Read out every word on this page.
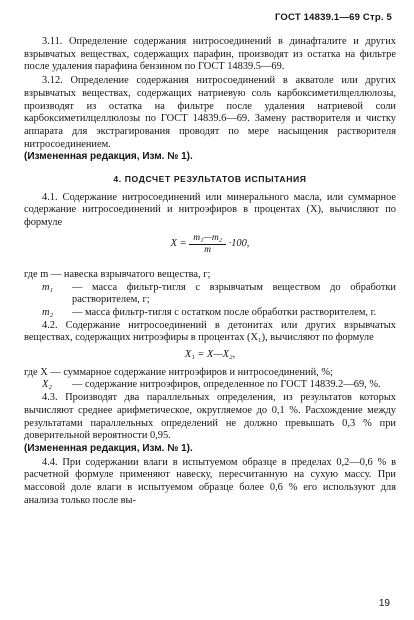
ГОСТ 14839.1—69 Стр. 5

3.11. Определение содержания нитросоединений в динафталите и других взрывчатых веществах, содержащих парафин, производят из остатка на фильтре после удаления парафина бензином по ГОСТ 14839.5—69.

3.12. Определение содержания нитросоединений в акватоле или других взрывчатых веществах, содержащих натриевую соль карбоксиметилцеллюлозы, производят из остатка на фильтре после удаления натриевой соли карбоксиметилцеллюлозы по ГОСТ 14839.6—69. Замену растворителя и чистку аппарата для экстрагирования проводят по мере насыщения растворителя нитросоединением.

(Измененная редакция, Изм. № 1).

4. ПОДСЧЕТ РЕЗУЛЬТАТОВ ИСПЫТАНИЯ

4.1. Содержание нитросоединений или минерального масла, или суммарное содержание нитросоединений и нитроэфиров в процентах (X), вычисляют по формуле

$X = \frac{\text{m₁—m₂}}{m} \cdot 100$,

где m — навеска взрывчатого вещества, г;

m₁	— масса фильтр-тигля с взрывчатым веществом до обработки растворителем, г;
m₂	— масса фильтр-тигля с остатком после обработки растворителем, г.

4.2. Содержание нитросоединений в детонитах или других взрывчатых веществах, содержащих нитроэфиры в процентах (X₁), вычисляют по формуле

X₁ = X—X₂,

где X — суммарное содержание нитроэфиров и нитросоединений, %;

X₂	— содержание нитроэфиров, определенное по ГОСТ 14839.2—69, %.

4.3. Производят два параллельных определения, из результатов которых вычисляют среднее арифметическое, округляемое до 0,1 %. Расхождение между результатами параллельных определений не должно превышать 0,3 % при доверительной вероятности 0,95.

(Измененная редакция, Изм. № 1).

4.4. При содержании влаги в испытуемом образце в пределах 0,2—0,6 % в расчетной формуле применяют навеску, пересчитанную на сухую массу. При массовой доле влаги в испытуемом образце более 0,6 % его используют для анализа только после вы-

19
